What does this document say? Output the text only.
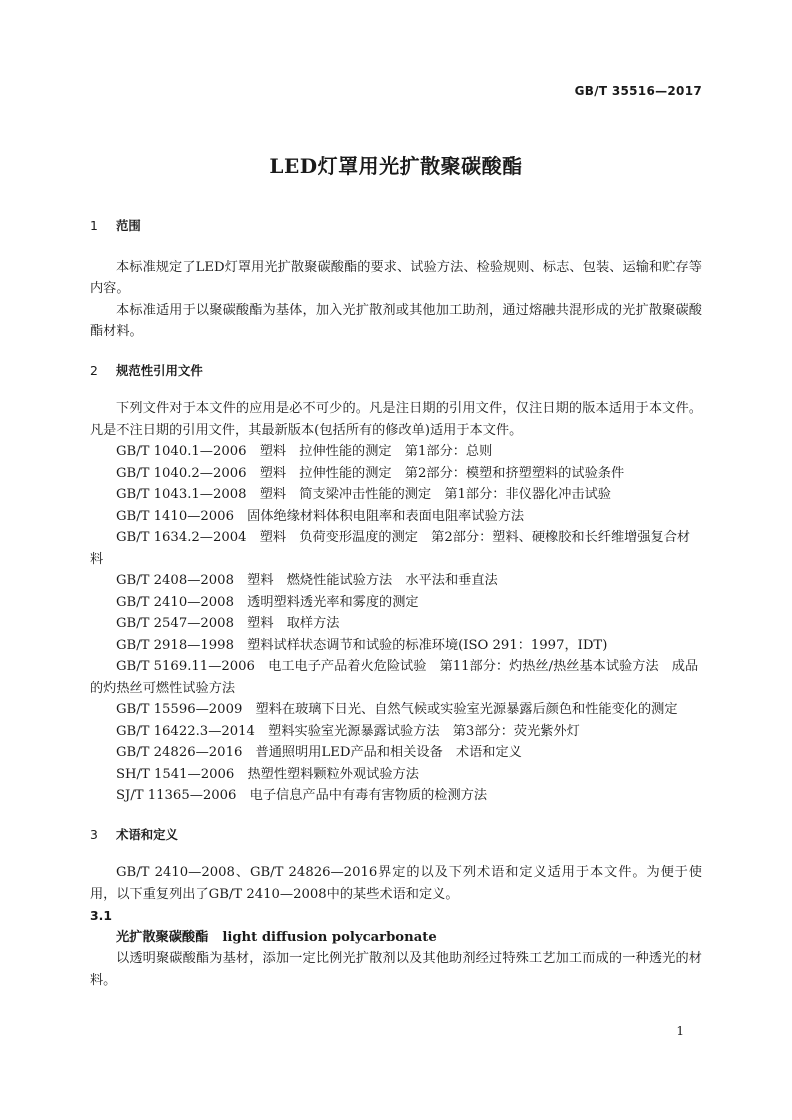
GB/T 35516—2017
LED灯罩用光扩散聚碳酸酯

1 范围

本标准规定了LED灯罩用光扩散聚碳酸酯的要求、试验方法、检验规则、标志、包装、运输和贮存等内容。

本标准适用于以聚碳酸酯为基体，加入光扩散剂或其他加工助剂，通过熔融共混形成的光扩散聚碳酸酯材料。

2 规范性引用文件

下列文件对于本文件的应用是必不可少的。凡是注日期的引用文件，仅注日期的版本适用于本文件。凡是不注日期的引用文件，其最新版本(包括所有的修改单)适用于本文件。

GB/T 1040.1—2006　塑料　拉伸性能的测定　第1部分：总则

GB/T 1040.2—2006　塑料　拉伸性能的测定　第2部分：模塑和挤塑塑料的试验条件

GB/T 1043.1—2008　塑料　简支梁冲击性能的测定　第1部分：非仪器化冲击试验

GB/T 1410—2006　固体绝缘材料体积电阻率和表面电阻率试验方法

GB/T 1634.2—2004　塑料　负荷变形温度的测定　第2部分：塑料、硬橡胶和长纤维增强复合材料

GB/T 2408—2008　塑料　燃烧性能试验方法　水平法和垂直法

GB/T 2410—2008　透明塑料透光率和雾度的测定

GB/T 2547—2008　塑料　取样方法

GB/T 2918—1998　塑料试样状态调节和试验的标准环境(ISO 291：1997，IDT)

GB/T 5169.11—2006　电工电子产品着火危险试验　第11部分：灼热丝/热丝基本试验方法　成品的灼热丝可燃性试验方法

GB/T 15596—2009　塑料在玻璃下日光、自然气候或实验室光源暴露后颜色和性能变化的测定

GB/T 16422.3—2014　塑料实验室光源暴露试验方法　第3部分：荧光紫外灯

GB/T 24826—2016　普通照明用LED产品和相关设备　术语和定义

SH/T 1541—2006　热塑性塑料颗粒外观试验方法

SJ/T 11365—2006　电子信息产品中有毒有害物质的检测方法

3 术语和定义

GB/T 2410—2008、GB/T 24826—2016界定的以及下列术语和定义适用于本文件。为便于使用，以下重复列出了GB/T 2410—2008中的某些术语和定义。

3.1

光扩散聚碳酸酯 light diffusion polycarbonate

以透明聚碳酸酯为基材，添加一定比例光扩散剂以及其他助剂经过特殊工艺加工而成的一种透光的材料。

1
